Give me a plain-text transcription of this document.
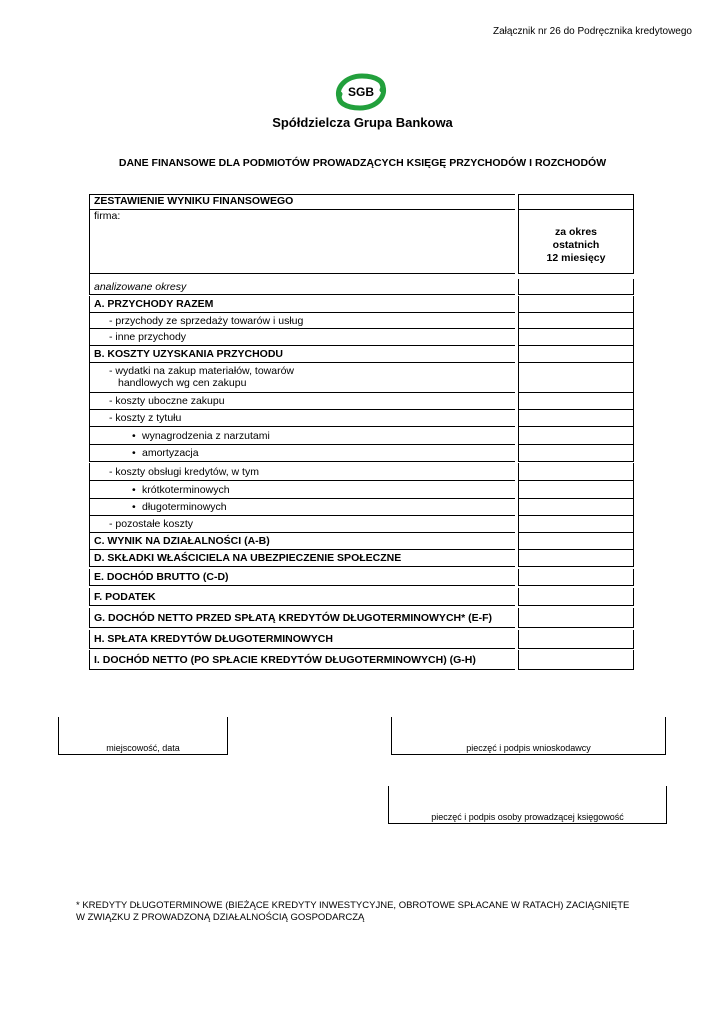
Załącznik nr 26 do Podręcznika kredytowego
SGB
Spółdzielcza Grupa Bankowa
DANE FINANSOWE DLA PODMIOTÓW PROWADZĄCYCH KSIĘGĘ PRZYCHODÓW I ROZCHODÓW
ZESTAWIENIE WYNIKU FINANSOWEGO
firma:
za okres
ostatnich
12 miesięcy
analizowane okresy
A. PRZYCHODY RAZEM
- przychody ze sprzedaży towarów i usług
- inne przychody
B. KOSZTY UZYSKANIA PRZYCHODU
- wydatki na zakup materiałów, towarów
handlowych wg cen zakupu
- koszty uboczne zakupu
- koszty z tytułu
• wynagrodzenia z narzutami
• amortyzacja
- koszty obsługi kredytów, w tym
• krótkoterminowych
• długoterminowych
- pozostałe koszty
C. WYNIK NA DZIAŁALNOŚCI (A-B)
D. SKŁADKI WŁAŚCICIELA NA UBEZPIECZENIE SPOŁECZNE
E. DOCHÓD BRUTTO (C-D)
F. PODATEK
G. DOCHÓD NETTO PRZED SPŁATĄ KREDYTÓW DŁUGOTERMINOWYCH* (E-F)
H. SPŁATA KREDYTÓW DŁUGOTERMINOWYCH
I. DOCHÓD NETTO (PO SPŁACIE KREDYTÓW DŁUGOTERMINOWYCH) (G-H)
miejscowość, data	pieczęć i podpis wnioskodawcy
pieczęć i podpis osoby prowadzącej księgowość
* KREDYTY DŁUGOTERMINOWE (BIEŻĄCE KREDYTY INWESTYCYJNE, OBROTOWE SPŁACANE W RATACH) ZACIĄGNIĘTE
W ZWIĄZKU Z PROWADZONĄ DZIAŁALNOŚCIĄ GOSPODARCZĄ
